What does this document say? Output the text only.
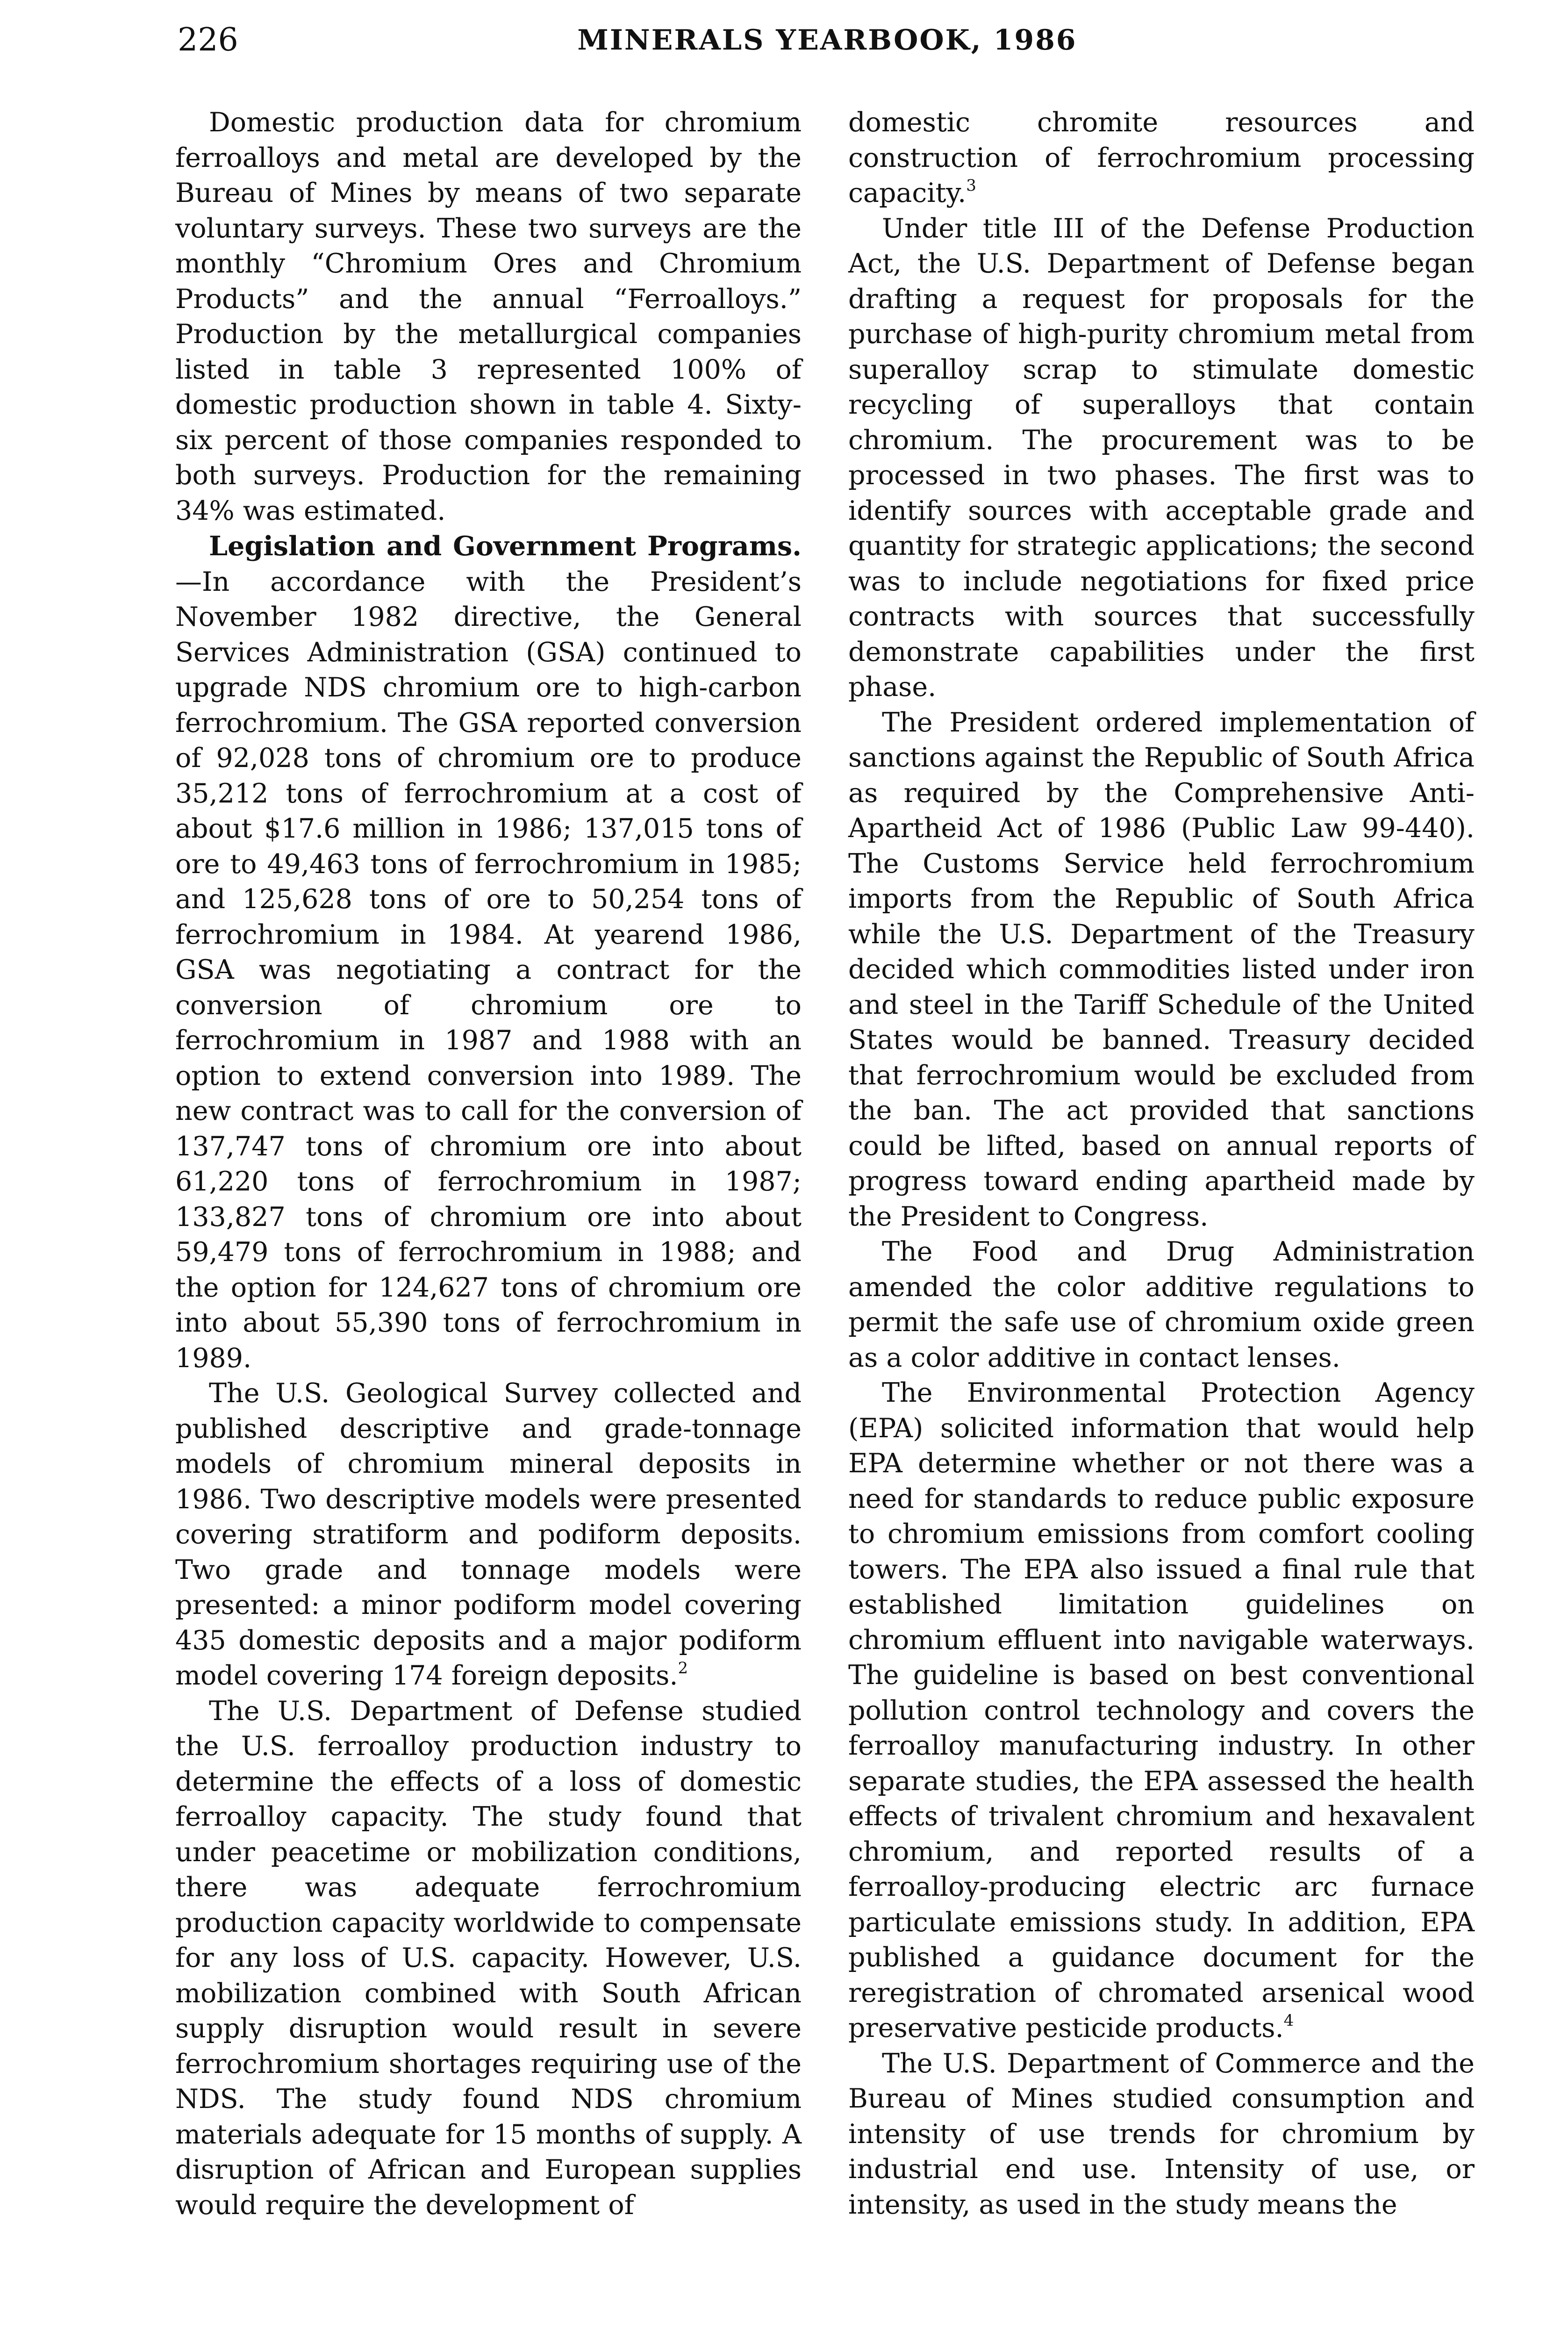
226	MINERALS YEARBOOK, 1986

Domestic production data for chromium ferroalloys and metal are developed by the Bureau of Mines by means of two separate voluntary surveys. These two surveys are the monthly “Chromium Ores and Chromium Products” and the annual “Ferroalloys.” Production by the metallurgical companies listed in table 3 represented 100% of domestic production shown in table 4. Sixty-six percent of those companies responded to both surveys. Production for the remaining 34% was estimated.

Legislation and Government Programs.—In accordance with the President’s November 1982 directive, the General Services Administration (GSA) continued to upgrade NDS chromium ore to high-carbon ferrochromium. The GSA reported conversion of 92,028 tons of chromium ore to produce 35,212 tons of ferrochromium at a cost of about $17.6 million in 1986; 137,015 tons of ore to 49,463 tons of ferrochromium in 1985; and 125,628 tons of ore to 50,254 tons of ferrochromium in 1984. At yearend 1986, GSA was negotiating a contract for the conversion of chromium ore to ferrochromium in 1987 and 1988 with an option to extend conversion into 1989. The new contract was to call for the conversion of 137,747 tons of chromium ore into about 61,220 tons of ferrochromium in 1987; 133,827 tons of chromium ore into about 59,479 tons of ferrochromium in 1988; and the option for 124,627 tons of chromium ore into about 55,390 tons of ferrochromium in 1989.

The U.S. Geological Survey collected and published descriptive and grade-tonnage models of chromium mineral deposits in 1986. Two descriptive models were presented covering stratiform and podiform deposits. Two grade and tonnage models were presented: a minor podiform model covering 435 domestic deposits and a major podiform model covering 174 foreign deposits.$^2$

The U.S. Department of Defense studied the U.S. ferroalloy production industry to determine the effects of a loss of domestic ferroalloy capacity. The study found that under peacetime or mobilization conditions, there was adequate ferrochromium production capacity worldwide to compensate for any loss of U.S. capacity. However, U.S. mobilization combined with South African supply disruption would result in severe ferrochromium shortages requiring use of the NDS. The study found NDS chromium materials adequate for 15 months of supply. A disruption of African and European supplies would require the development of

domestic chromite resources and construction of ferrochromium processing capacity.$^3$

Under title III of the Defense Production Act, the U.S. Department of Defense began drafting a request for proposals for the purchase of high-purity chromium metal from superalloy scrap to stimulate domestic recycling of superalloys that contain chromium. The procurement was to be processed in two phases. The first was to identify sources with acceptable grade and quantity for strategic applications; the second was to include negotiations for fixed price contracts with sources that successfully demonstrate capabilities under the first phase.

The President ordered implementation of sanctions against the Republic of South Africa as required by the Comprehensive Anti-Apartheid Act of 1986 (Public Law 99-440). The Customs Service held ferrochromium imports from the Republic of South Africa while the U.S. Department of the Treasury decided which commodities listed under iron and steel in the Tariff Schedule of the United States would be banned. Treasury decided that ferrochromium would be excluded from the ban. The act provided that sanctions could be lifted, based on annual reports of progress toward ending apartheid made by the President to Congress.

The Food and Drug Administration amended the color additive regulations to permit the safe use of chromium oxide green as a color additive in contact lenses.

The Environmental Protection Agency (EPA) solicited information that would help EPA determine whether or not there was a need for standards to reduce public exposure to chromium emissions from comfort cooling towers. The EPA also issued a final rule that established limitation guidelines on chromium effluent into navigable waterways. The guideline is based on best conventional pollution control technology and covers the ferroalloy manufacturing industry. In other separate studies, the EPA assessed the health effects of trivalent chromium and hexavalent chromium, and reported results of a ferroalloy-producing electric arc furnace particulate emissions study. In addition, EPA published a guidance document for the reregistration of chromated arsenical wood preservative pesticide products.$^4$

The U.S. Department of Commerce and the Bureau of Mines studied consumption and intensity of use trends for chromium by industrial end use. Intensity of use, or intensity, as used in the study means the
